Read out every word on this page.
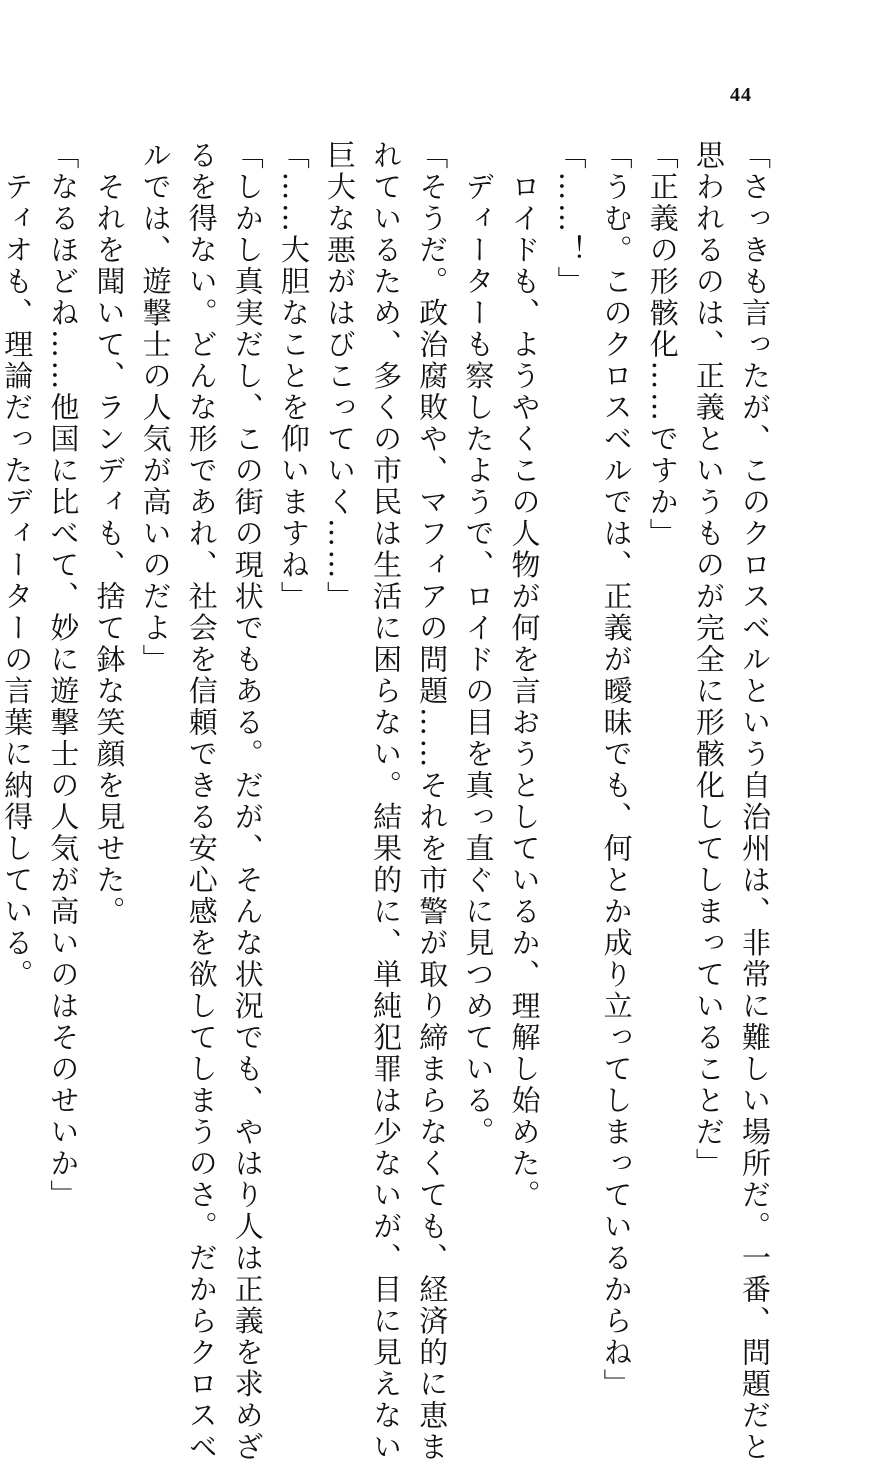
44

「さっきも言ったが、このクロスベルという自治州は、非常に難しい場所だ。一番、問題だと

思われるのは、正義というものが完全に形骸化してしまっていることだ」

「正義の形骸化……ですか」

「うむ。このクロスベルでは、正義が曖昧でも、何とか成り立ってしまっているからね」

「……！」

　ロイドも、ようやくこの人物が何を言おうとしているか、理解し始めた。

　ディーターも察したようで、ロイドの目を真っ直ぐに見つめている。

「そうだ。政治腐敗や、マフィアの問題……それを市警が取り締まらなくても、経済的に恵ま

れているため、多くの市民は生活に困らない。結果的に、単純犯罪は少ないが、目に見えない

巨大な悪がはびこっていく……」

「……大胆なことを仰いますね」

「しかし真実だし、この街の現状でもある。だが、そんな状況でも、やはり人は正義を求めざ

るを得ない。どんな形であれ、社会を信頼できる安心感を欲してしまうのさ。だからクロスベ

ルでは、遊撃士の人気が高いのだよ」

　それを聞いて、ランディも、捨て鉢な笑顔を見せた。

「なるほどね……他国に比べて、妙に遊撃士の人気が高いのはそのせいか」

　ティオも、理論だったディーターの言葉に納得している。
